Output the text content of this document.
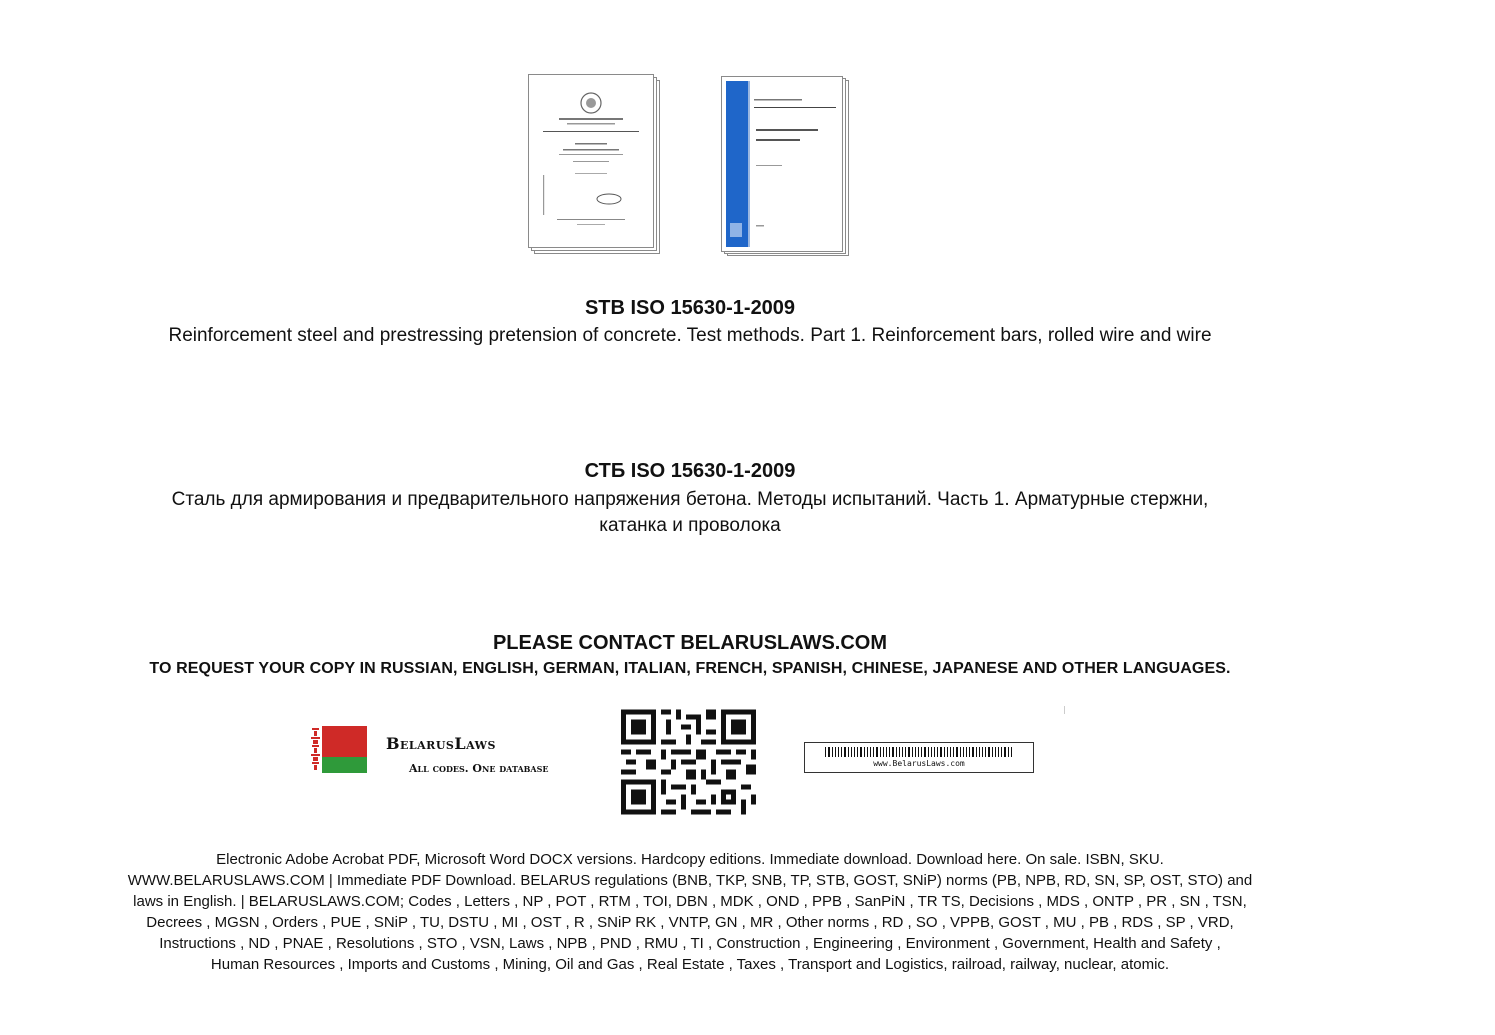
STB ISO 15630-1-2009
Reinforcement steel and prestressing pretension of concrete. Test methods. Part 1. Reinforcement bars, rolled wire and wire
СТБ ISO 15630-1-2009
Сталь для армирования и предварительного напряжения бетона. Методы испытаний. Часть 1. Арматурные стержни,
катанка и проволока
PLEASE CONTACT BELARUSLAWS.COM
TO REQUEST YOUR COPY IN RUSSIAN, ENGLISH, GERMAN, ITALIAN, FRENCH, SPANISH, CHINESE, JAPANESE AND OTHER LANGUAGES.
BelarusLaws
All codes. One database	www.BelarusLaws.com
Electronic Adobe Acrobat PDF, Microsoft Word DOCX versions. Hardcopy editions. Immediate download. Download here. On sale. ISBN, SKU.
WWW.BELARUSLAWS.COM | Immediate PDF Download. BELARUS regulations (BNB, TKP, SNB, TP, STB, GOST, SNiP) norms (PB, NPB, RD, SN, SP, OST, STO) and
laws in English. | BELARUSLAWS.COM; Codes , Letters , NP , POT , RTM , TOI, DBN , MDK , OND , PPB , SanPiN , TR TS, Decisions , MDS , ONTP , PR , SN , TSN,
Decrees , MGSN , Orders , PUE , SNiP , TU, DSTU , MI , OST , R , SNiP RK , VNTP, GN , MR , Other norms , RD , SO , VPPB, GOST , MU , PB , RDS , SP , VRD,
Instructions , ND , PNAE , Resolutions , STO , VSN, Laws , NPB , PND , RMU , TI , Construction , Engineering , Environment , Government, Health and Safety ,
Human Resources , Imports and Customs , Mining, Oil and Gas , Real Estate , Taxes , Transport and Logistics, railroad, railway, nuclear, atomic.
